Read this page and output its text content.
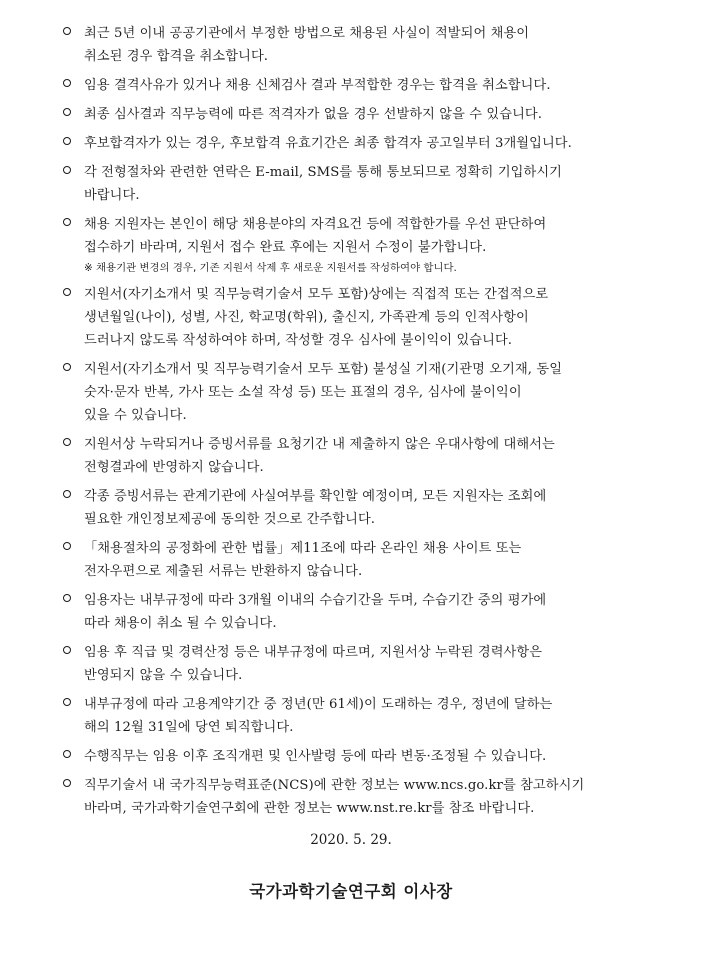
최근 5년 이내 공공기관에서 부정한 방법으로 채용된 사실이 적발되어 채용이
취소된 경우 합격을 취소합니다.
임용 결격사유가 있거나 채용 신체검사 결과 부적합한 경우는 합격을 취소합니다.
최종 심사결과 직무능력에 따른 적격자가 없을 경우 선발하지 않을 수 있습니다.
후보합격자가 있는 경우, 후보합격 유효기간은 최종 합격자 공고일부터 3개월입니다.
각 전형절차와 관련한 연락은 E-mail, SMS를 통해 통보되므로 정확히 기입하시기
바랍니다.
채용 지원자는 본인이 해당 채용분야의 자격요건 등에 적합한가를 우선 판단하여
접수하기 바라며, 지원서 접수 완료 후에는 지원서 수정이 불가합니다.
※ 채용기관 변경의 경우, 기존 지원서 삭제 후 새로운 지원서를 작성하여야 합니다.
지원서(자기소개서 및 직무능력기술서 모두 포함)상에는 직접적 또는 간접적으로
생년월일(나이), 성별, 사진, 학교명(학위), 출신지, 가족관계 등의 인적사항이
드러나지 않도록 작성하여야 하며, 작성할 경우 심사에 불이익이 있습니다.
지원서(자기소개서 및 직무능력기술서 모두 포함) 불성실 기재(기관명 오기재, 동일
숫자·문자 반복, 가사 또는 소설 작성 등) 또는 표절의 경우, 심사에 불이익이
있을 수 있습니다.
지원서상 누락되거나 증빙서류를 요청기간 내 제출하지 않은 우대사항에 대해서는
전형결과에 반영하지 않습니다.
각종 증빙서류는 관계기관에 사실여부를 확인할 예정이며, 모든 지원자는 조회에
필요한 개인정보제공에 동의한 것으로 간주합니다.
「채용절차의 공정화에 관한 법률」제11조에 따라 온라인 채용 사이트 또는
전자우편으로 제출된 서류는 반환하지 않습니다.
임용자는 내부규정에 따라 3개월 이내의 수습기간을 두며, 수습기간 중의 평가에
따라 채용이 취소 될 수 있습니다.
임용 후 직급 및 경력산정 등은 내부규정에 따르며, 지원서상 누락된 경력사항은
반영되지 않을 수 있습니다.
내부규정에 따라 고용계약기간 중 정년(만 61세)이 도래하는 경우, 정년에 달하는
해의 12월 31일에 당연 퇴직합니다.
수행직무는 임용 이후 조직개편 및 인사발령 등에 따라 변동·조정될 수 있습니다.
직무기술서 내 국가직무능력표준(NCS)에 관한 정보는 www.ncs.go.kr를 참고하시기
바라며, 국가과학기술연구회에 관한 정보는 www.nst.re.kr를 참조 바랍니다.
2020. 5. 29.
국가과학기술연구회 이사장
